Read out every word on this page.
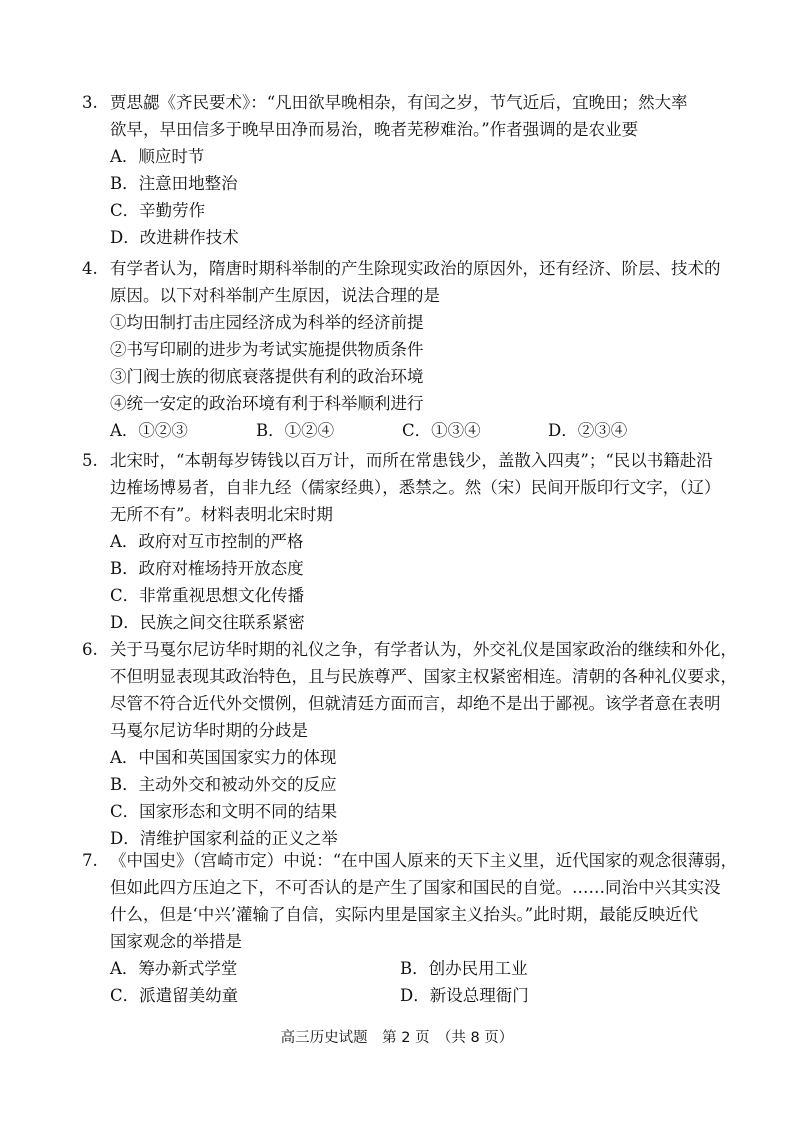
3. 贾思勰《齐民要术》：“凡田欲早晚相杂，有闰之岁，节气近后，宜晚田；然大率
欲早，早田信多于晚早田净而易治，晚者芜秽难治。”作者强调的是农业要
A．顺应时节
B．注意田地整治
C．辛勤劳作
D．改进耕作技术
4. 有学者认为，隋唐时期科举制的产生除现实政治的原因外，还有经济、阶层、技术的
原因。以下对科举制产生原因，说法合理的是
①均田制打击庄园经济成为科举的经济前提
②书写印刷的进步为考试实施提供物质条件
③门阀士族的彻底衰落提供有利的政治环境
④统一安定的政治环境有利于科举顺利进行
A．①②③	B．①②④	C．①③④	D．②③④
5. 北宋时，“本朝每岁铸钱以百万计，而所在常患钱少，盖散入四夷”；“民以书籍赴沿
边榷场博易者，自非九经（儒家经典），悉禁之。然（宋）民间开版印行文字，（辽）
无所不有”。材料表明北宋时期
A．政府对互市控制的严格
B．政府对榷场持开放态度
C．非常重视思想文化传播
D．民族之间交往联系紧密
6. 关于马戛尔尼访华时期的礼仪之争，有学者认为，外交礼仪是国家政治的继续和外化，
不但明显表现其政治特色，且与民族尊严、国家主权紧密相连。清朝的各种礼仪要求，
尽管不符合近代外交惯例，但就清廷方面而言，却绝不是出于鄙视。该学者意在表明
马戛尔尼访华时期的分歧是
A．中国和英国国家实力的体现
B．主动外交和被动外交的反应
C．国家形态和文明不同的结果
D．清维护国家利益的正义之举
7. 《中国史》（宫崎市定）中说：“在中国人原来的天下主义里，近代国家的观念很薄弱，
但如此四方压迫之下，不可否认的是产生了国家和国民的自觉。……同治中兴其实没
什么，但是‘中兴’灌输了自信，实际内里是国家主义抬头。”此时期，最能反映近代
国家观念的举措是
A．筹办新式学堂	B．创办民用工业
C．派遣留美幼童	D．新设总理衙门
高三历史试题　第 2 页　（共 8 页）
